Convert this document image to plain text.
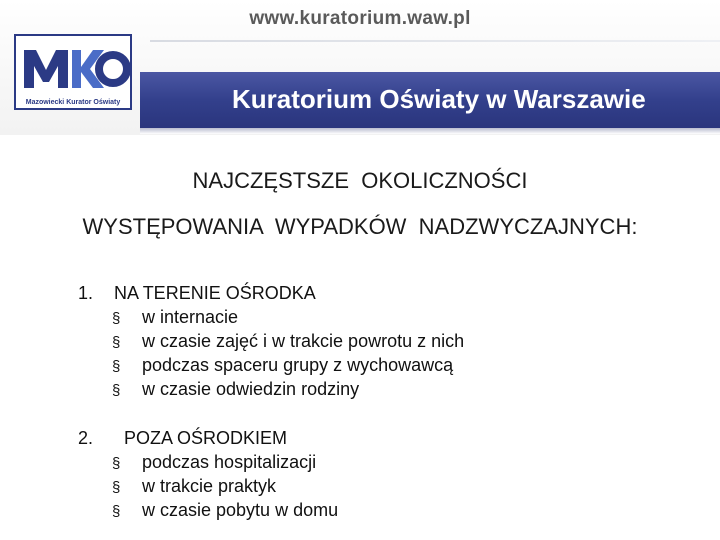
www.kuratorium.waw.pl
Mazowiecki Kurator Oświaty	Kuratorium Oświaty w Warszawie
NAJCZĘSTSZE  OKOLICZNOŚCI
WYSTĘPOWANIA  WYPADKÓW  NADZWYCZAJNYCH:
1. NA TERENIE OŚRODKA
§ w internacie
§ w czasie zajęć i w trakcie powrotu z nich
§ podczas spaceru grupy z wychowawcą
§ w czasie odwiedzin rodziny
2. POZA OŚRODKIEM
§ podczas hospitalizacji
§ w trakcie praktyk
§ w czasie pobytu w domu
